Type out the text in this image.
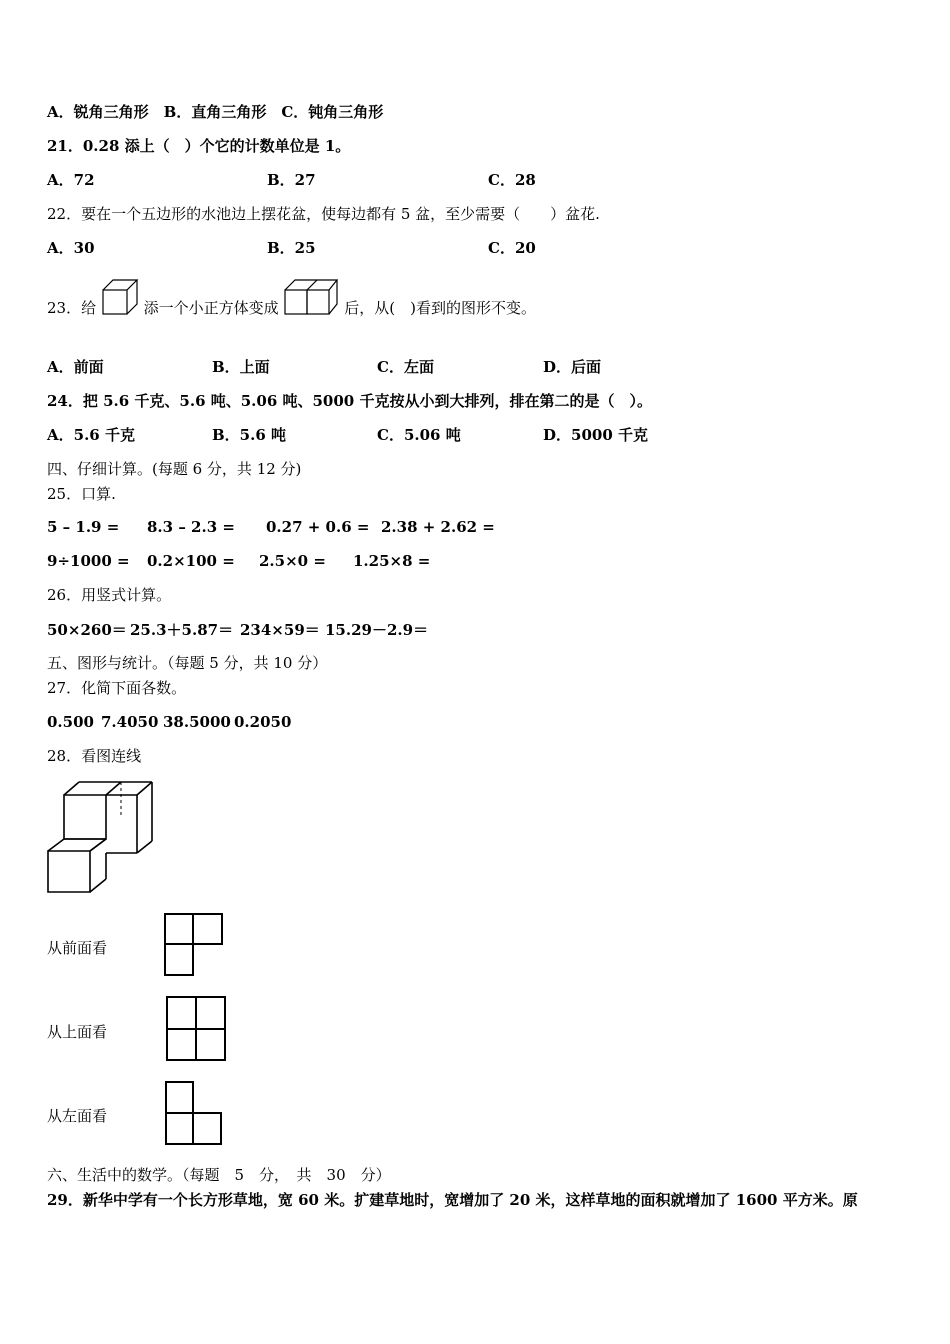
A．锐角三角形　B．直角三角形　C．钝角三角形
21．0.28 添上（　）个它的计数单位是 1。
A．72	B．27	C．28
22．要在一个五边形的水池边上摆花盆，使每边都有 5 盆，至少需要（　　）盆花.
A．30	B．25	C．20
23．给	添一个小正方体变成	后，从(　)看到的图形不变。
A．前面	B．上面	C．左面	D．后面
24．把 5.6 千克、5.6 吨、5.06 吨、5000 千克按从小到大排列，排在第二的是（　）。
A．5.6 千克	B．5.6 吨	C．5.06 吨	D．5000 千克
四、仔细计算。(每题 6 分，共 12 分)
25．口算.
5 – 1.9 = 8.3 – 2.3 = 0.27 + 0.6 = 2.38 + 2.62 =
9÷1000 = 0.2×100 = 2.5×0 = 1.25×8 =
26．用竖式计算。
50×260＝ 25.3＋5.87＝ 234×59＝ 15.29－2.9＝
五、图形与统计。（每题 5 分，共 10 分）
27．化简下面各数。
0.500 7.4050 38.5000 0.2050
28．看图连线
从前面看
从上面看
从左面看
六、生活中的数学。（每题　5　分，　共　30　分）
29．新华中学有一个长方形草地，宽 60 米。扩建草地时，宽增加了 20 米，这样草地的面积就增加了 1600 平方米。原
